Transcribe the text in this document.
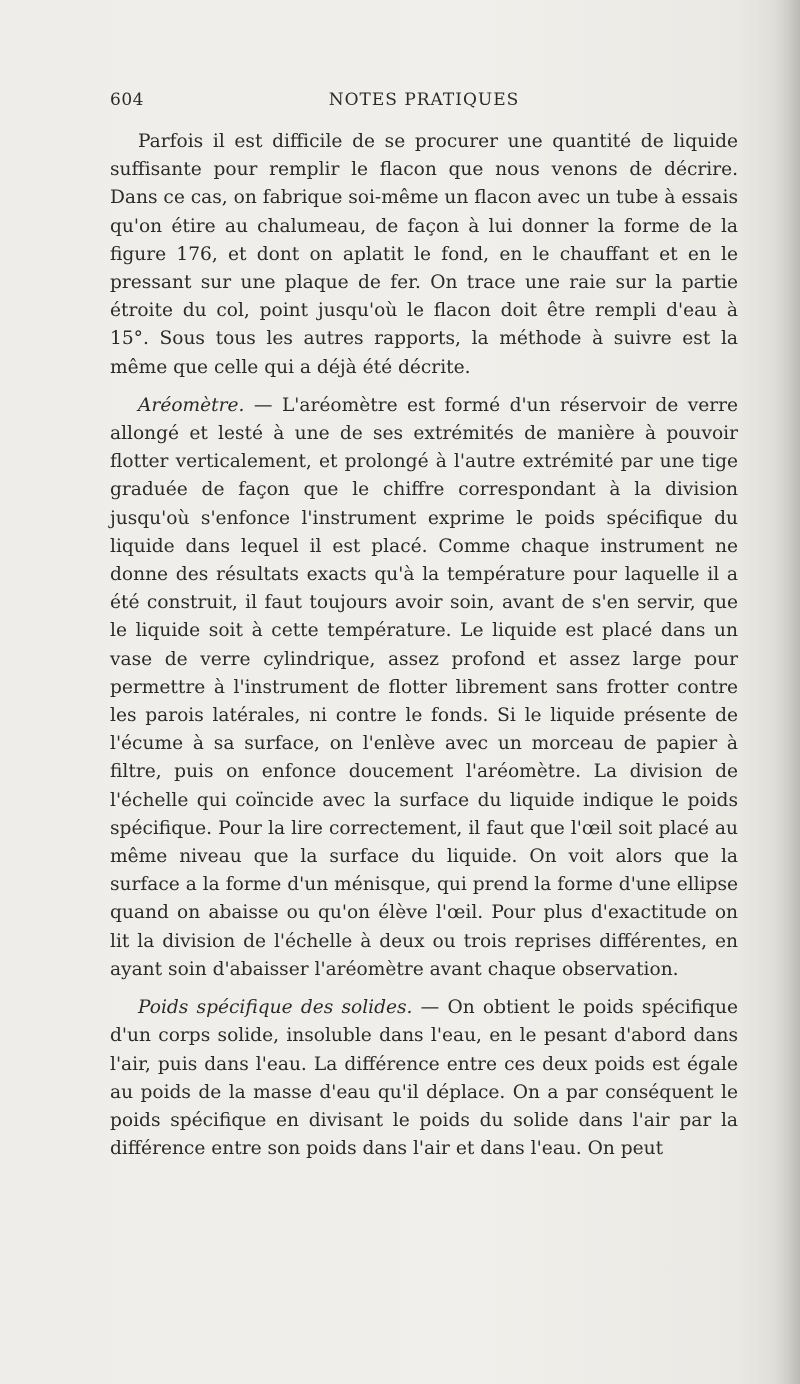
604	NOTES PRATIQUES

Parfois il est difficile de se procurer une quantité de liquide suffisante pour remplir le flacon que nous venons de décrire. Dans ce cas, on fabrique soi-même un flacon avec un tube à essais qu'on étire au chalumeau, de façon à lui donner la forme de la figure 176, et dont on aplatit le fond, en le chauffant et en le pressant sur une plaque de fer. On trace une raie sur la partie étroite du col, point jusqu'où le flacon doit être rempli d'eau à 15°. Sous tous les autres rapports, la méthode à suivre est la même que celle qui a déjà été décrite.

Aréomètre. — L'aréomètre est formé d'un réservoir de verre allongé et lesté à une de ses extrémités de manière à pouvoir flotter verticalement, et prolongé à l'autre extrémité par une tige graduée de façon que le chiffre correspondant à la division jusqu'où s'enfonce l'instrument exprime le poids spécifique du liquide dans lequel il est placé. Comme chaque instrument ne donne des résultats exacts qu'à la température pour laquelle il a été construit, il faut toujours avoir soin, avant de s'en servir, que le liquide soit à cette température. Le liquide est placé dans un vase de verre cylindrique, assez profond et assez large pour permettre à l'instrument de flotter librement sans frotter contre les parois latérales, ni contre le fonds. Si le liquide présente de l'écume à sa surface, on l'enlève avec un morceau de papier à filtre, puis on enfonce doucement l'aréomètre. La division de l'échelle qui coïncide avec la surface du liquide indique le poids spécifique. Pour la lire correctement, il faut que l'œil soit placé au même niveau que la surface du liquide. On voit alors que la surface a la forme d'un ménisque, qui prend la forme d'une ellipse quand on abaisse ou qu'on élève l'œil. Pour plus d'exactitude on lit la division de l'échelle à deux ou trois reprises différentes, en ayant soin d'abaisser l'aréomètre avant chaque observation.

Poids spécifique des solides. — On obtient le poids spécifique d'un corps solide, insoluble dans l'eau, en le pesant d'abord dans l'air, puis dans l'eau. La différence entre ces deux poids est égale au poids de la masse d'eau qu'il déplace. On a par conséquent le poids spécifique en divisant le poids du solide dans l'air par la différence entre son poids dans l'air et dans l'eau. On peut
